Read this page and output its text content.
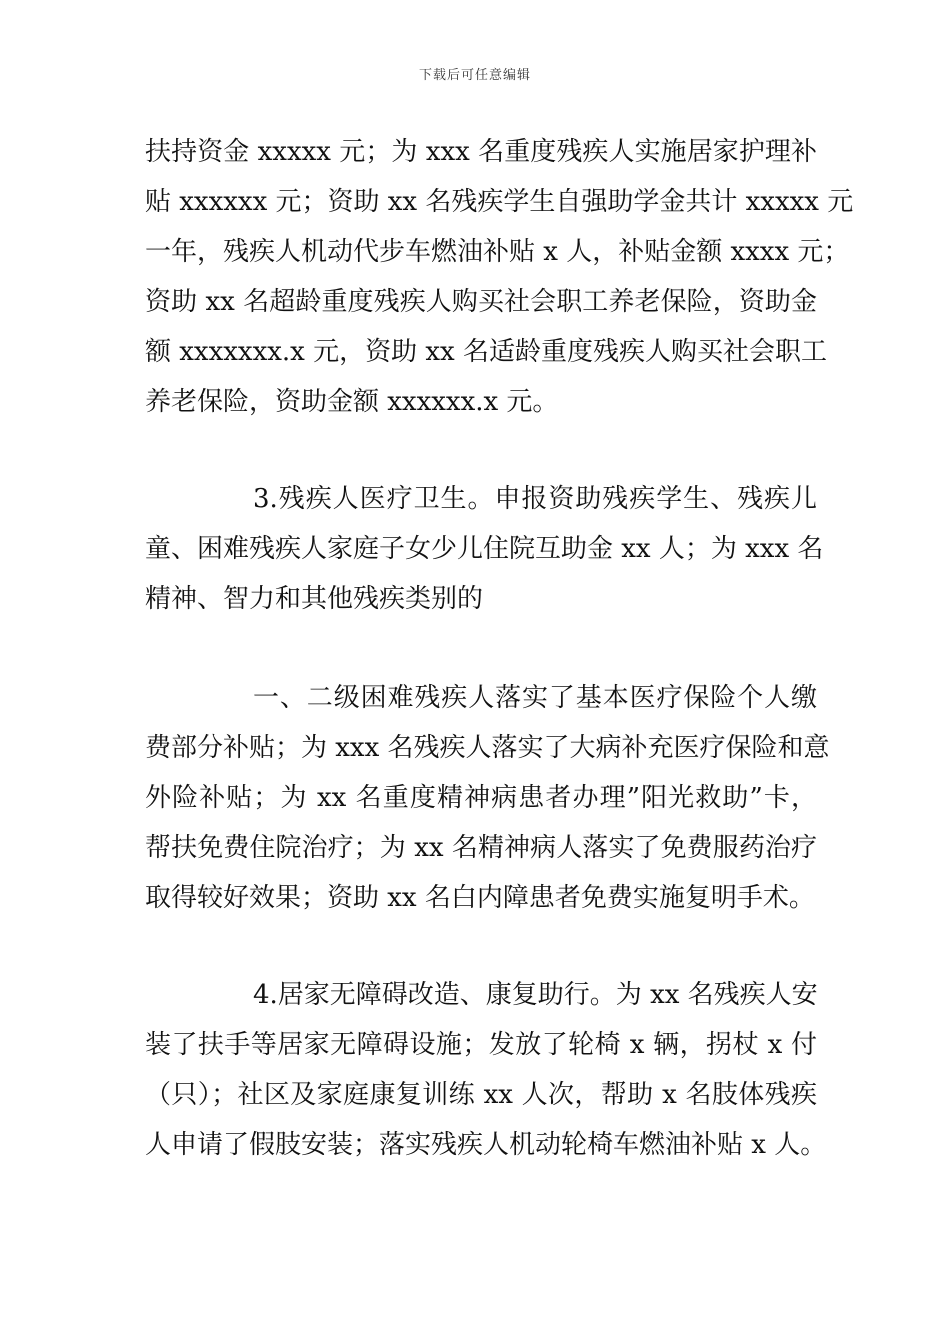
下载后可任意编辑
扶持资金 xxxxx 元；为 xxx 名重度残疾人实施居家护理补
贴 xxxxxx 元；资助 xx 名残疾学生自强助学金共计 xxxxx 元
一年，残疾人机动代步车燃油补贴 x 人，补贴金额 xxxx 元；
资助 xx 名超龄重度残疾人购买社会职工养老保险，资助金
额 xxxxxxx.x 元，资助 xx 名适龄重度残疾人购买社会职工
养老保险，资助金额 xxxxxx.x 元。
3.残疾人医疗卫生。申报资助残疾学生、残疾儿
童、困难残疾人家庭子女少儿住院互助金 xx 人；为 xxx 名
精神、智力和其他残疾类别的
一、二级困难残疾人落实了基本医疗保险个人缴
费部分补贴；为 xxx 名残疾人落实了大病补充医疗保险和意
外险补贴；为 xx 名重度精神病患者办理”阳光救助”卡，
帮扶免费住院治疗；为 xx 名精神病人落实了免费服药治疗
取得较好效果；资助 xx 名白内障患者免费实施复明手术。
4.居家无障碍改造、康复助行。为 xx 名残疾人安
装了扶手等居家无障碍设施；发放了轮椅 x 辆，拐杖 x 付
（只）；社区及家庭康复训练 xx 人次，帮助 x 名肢体残疾
人申请了假肢安装；落实残疾人机动轮椅车燃油补贴 x 人。
